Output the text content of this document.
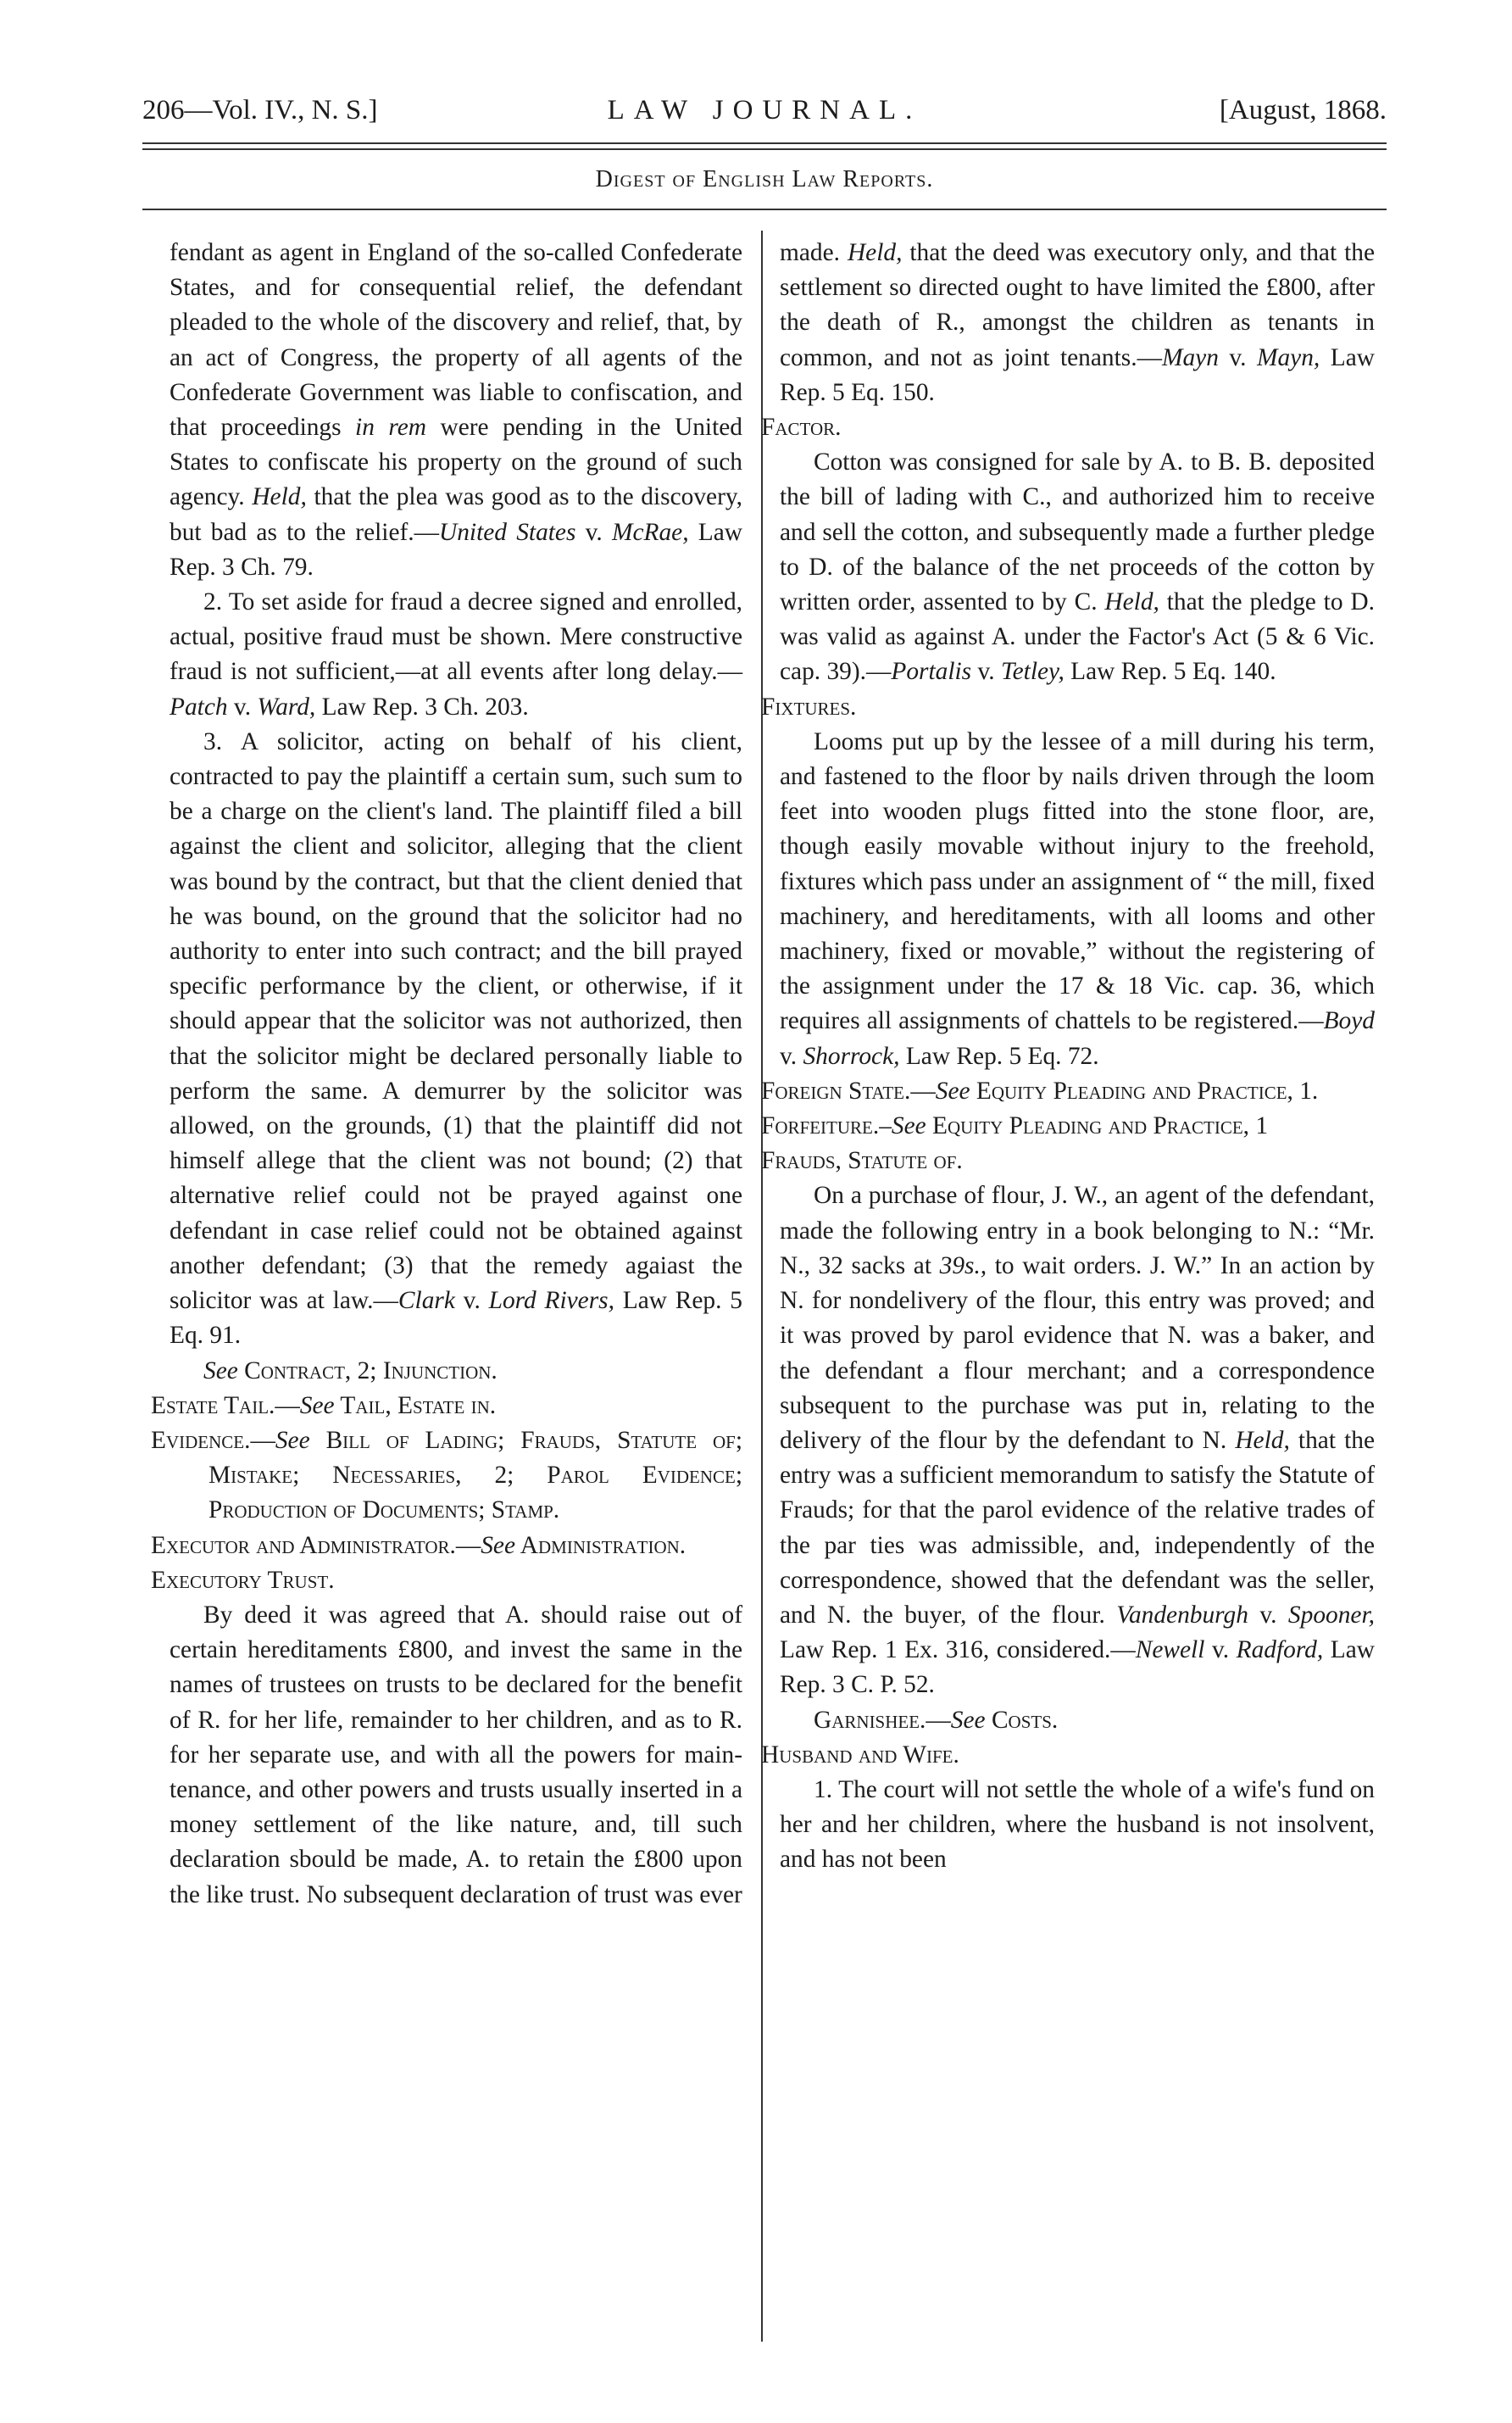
206—Vol. IV., N. S.]	LAW JOURNAL.	[August, 1868.
Digest of English Law Reports.

fendant as agent in England of the so-called Confederate States, and for consequential relief, the defendant pleaded to the whole of the discovery and relief, that, by an act of Congress, the property of all agents of the Confederate Government was liable to confiscation, and that proceedings in rem were pending in the United States to confiscate his property on the ground of such agency. Held, that the plea was good as to the discovery, but bad as to the relief.—United States v. McRae, Law Rep. 3 Ch. 79.

2. To set aside for fraud a decree signed and enrolled, actual, positive fraud must be shown. Mere constructive fraud is not sufficient,—at all events after long delay.—Patch v. Ward, Law Rep. 3 Ch. 203.

3. A solicitor, acting on behalf of his client, contracted to pay the plaintiff a certain sum, such sum to be a charge on the client's land. The plaintiff filed a bill against the client and solicitor, alleging that the client was bound by the contract, but that the client denied that he was bound, on the ground that the solicitor had no authority to enter into such contract; and the bill prayed specific performance by the client, or otherwise, if it should appear that the solicitor was not authorized, then that the solicitor might be declared personally liable to perform the same. A demurrer by the solicitor was allowed, on the grounds, (1) that the plaintiff did not himself allege that the client was not bound; (2) that alternative relief could not be prayed against one defendant in case relief could not be obtained against another defendant; (3) that the remedy agaiast the solicitor was at law.—Clark v. Lord Rivers, Law Rep. 5 Eq. 91.

See Contract, 2; Injunction.

Estate Tail.—See Tail, Estate in.

Evidence.—See Bill of Lading; Frauds, Statute of; Mistake; Necessaries, 2; Parol Evidence; Production of Documents; Stamp.

Executor and Administrator.—See Administration.

Executory Trust.

By deed it was agreed that A. should raise out of certain hereditaments £800, and invest the same in the names of trustees on trusts to be declared for the benefit of R. for her life, remainder to her children, and as to R. for her separate use, and with all the powers for maintenance, and other powers and trusts usually inserted in a money settlement of the like nature, and, till such declaration sbould be made, A. to retain the £800 upon the like trust. No subsequent declaration of trust was ever

made. Held, that the deed was executory only, and that the settlement so directed ought to have limited the £800, after the death of R., amongst the children as tenants in common, and not as joint tenants.—Mayn v. Mayn, Law Rep. 5 Eq. 150.

Factor.

Cotton was consigned for sale by A. to B. B. deposited the bill of lading with C., and authorized him to receive and sell the cotton, and subsequently made a further pledge to D. of the balance of the net proceeds of the cotton by written order, assented to by C. Held, that the pledge to D. was valid as against A. under the Factor's Act (5 & 6 Vic. cap. 39).—Portalis v. Tetley, Law Rep. 5 Eq. 140.

Fixtures.

Looms put up by the lessee of a mill during his term, and fastened to the floor by nails driven through the loom feet into wooden plugs fitted into the stone floor, are, though easily movable without injury to the freehold, fixtures which pass under an assignment of “ the mill, fixed machinery, and hereditaments, with all looms and other machinery, fixed or movable,” without the registering of the assignment under the 17 & 18 Vic. cap. 36, which requires all assignments of chattels to be registered.—Boyd v. Shorrock, Law Rep. 5 Eq. 72.

Foreign State.—See Equity Pleading and Practice, 1.

Forfeiture.–See Equity Pleading and Practice, 1

Frauds, Statute of.

On a purchase of flour, J. W., an agent of the defendant, made the following entry in a book belonging to N.: “Mr. N., 32 sacks at 39s., to wait orders. J. W.” In an action by N. for nondelivery of the flour, this entry was proved; and it was proved by parol evidence that N. was a baker, and the defendant a flour merchant; and a correspondence subsequent to the purchase was put in, relating to the delivery of the flour by the defendant to N. Held, that the entry was a sufficient memorandum to satisfy the Statute of Frauds; for that the parol evidence of the relative trades of the par ties was admissible, and, independently of the correspondence, showed that the defendant was the seller, and N. the buyer, of the flour. Vandenburgh v. Spooner, Law Rep. 1 Ex. 316, considered.—Newell v. Radford, Law Rep. 3 C. P. 52.

Garnishee.—See Costs.

Husband and Wife.

1. The court will not settle the whole of a wife's fund on her and her children, where the husband is not insolvent, and has not been
